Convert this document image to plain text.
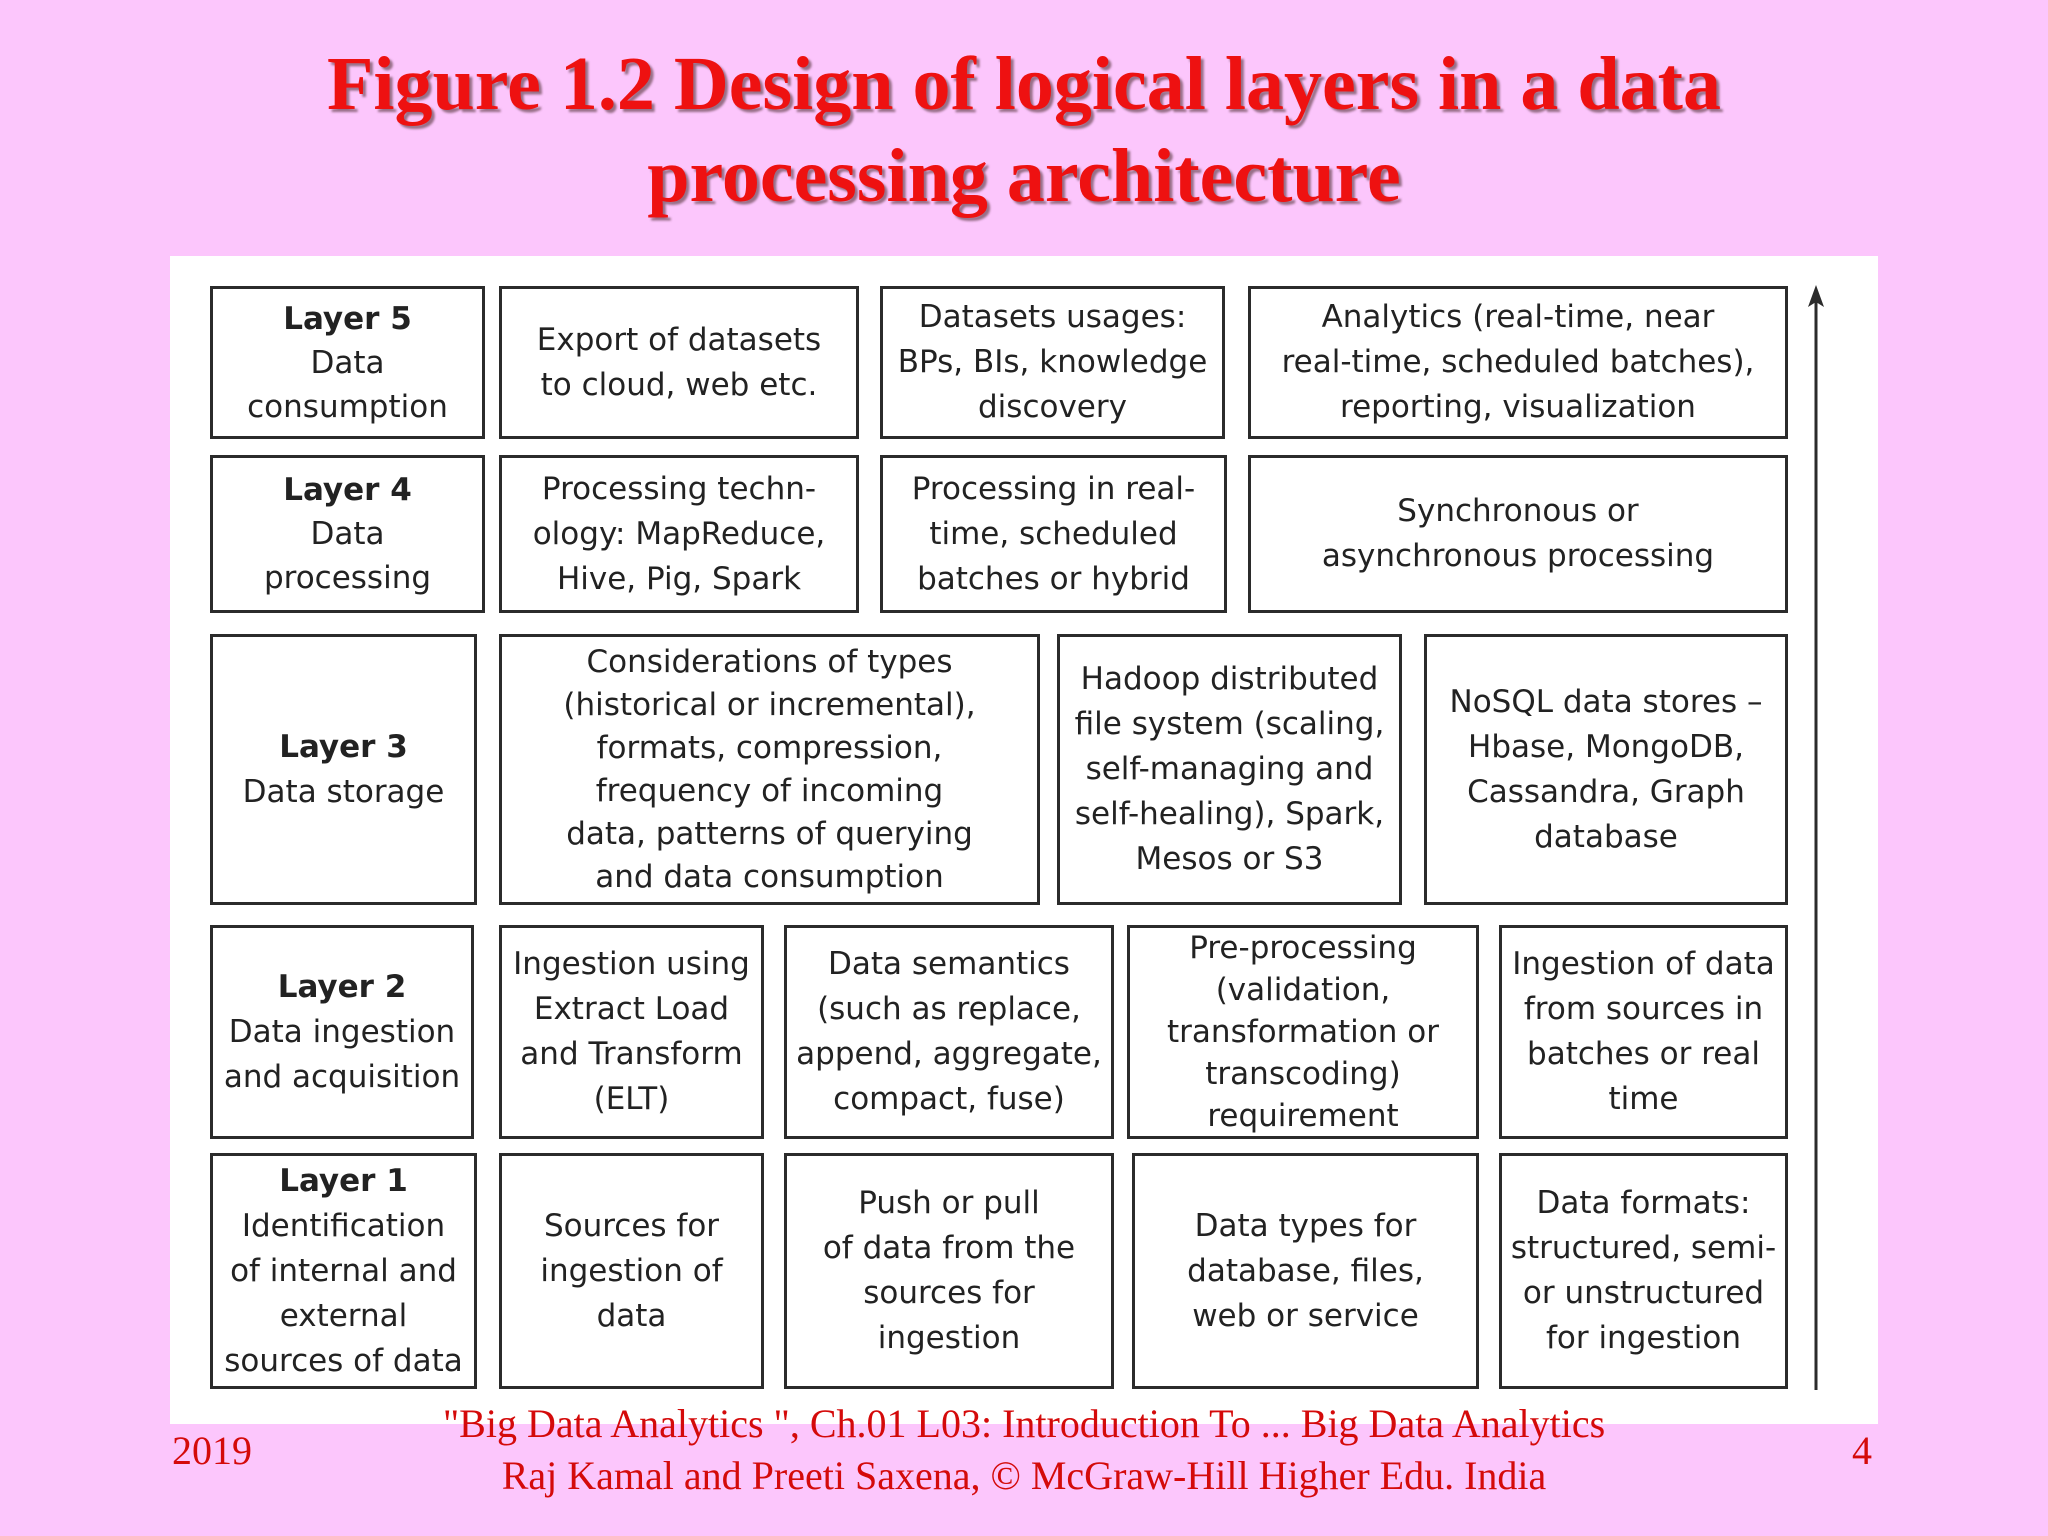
Figure 1.2 Design of logical layers in a data
processing architecture
Layer 5
Data
consumption
Export of datasets
to cloud, web etc.
Datasets usages:
BPs, BIs, knowledge
discovery
Analytics (real-time, near
real-time, scheduled batches),
reporting, visualization
Layer 4
Data
processing
Processing techn-
ology: MapReduce,
Hive, Pig, Spark
Processing in real-
time, scheduled
batches or hybrid
Synchronous or
asynchronous processing
Layer 3
Data storage
Considerations of types
(historical or incremental),
formats, compression,
frequency of incoming
data, patterns of querying
and data consumption
Hadoop distributed
file system (scaling,
self-managing and
self-healing), Spark,
Mesos or S3
NoSQL data stores –
Hbase, MongoDB,
Cassandra, Graph
database
Layer 2
Data ingestion
and acquisition
Ingestion using
Extract Load
and Transform
(ELT)
Data semantics
(such as replace,
append, aggregate,
compact, fuse)
Pre-processing
(validation,
transformation or
transcoding)
requirement
Ingestion of data
from sources in
batches or real
time
Layer 1
Identification
of internal and
external
sources of data
Sources for
ingestion of
data
Push or pull
of data from the
sources for
ingestion
Data types for
database, files,
web or service
Data formats:
structured, semi-
or unstructured
for ingestion
"Big Data Analytics ", Ch.01 L03: Introduction To ... Big Data Analytics
Raj Kamal and Preeti Saxena, © McGraw-Hill Higher Edu. India
2019	4
